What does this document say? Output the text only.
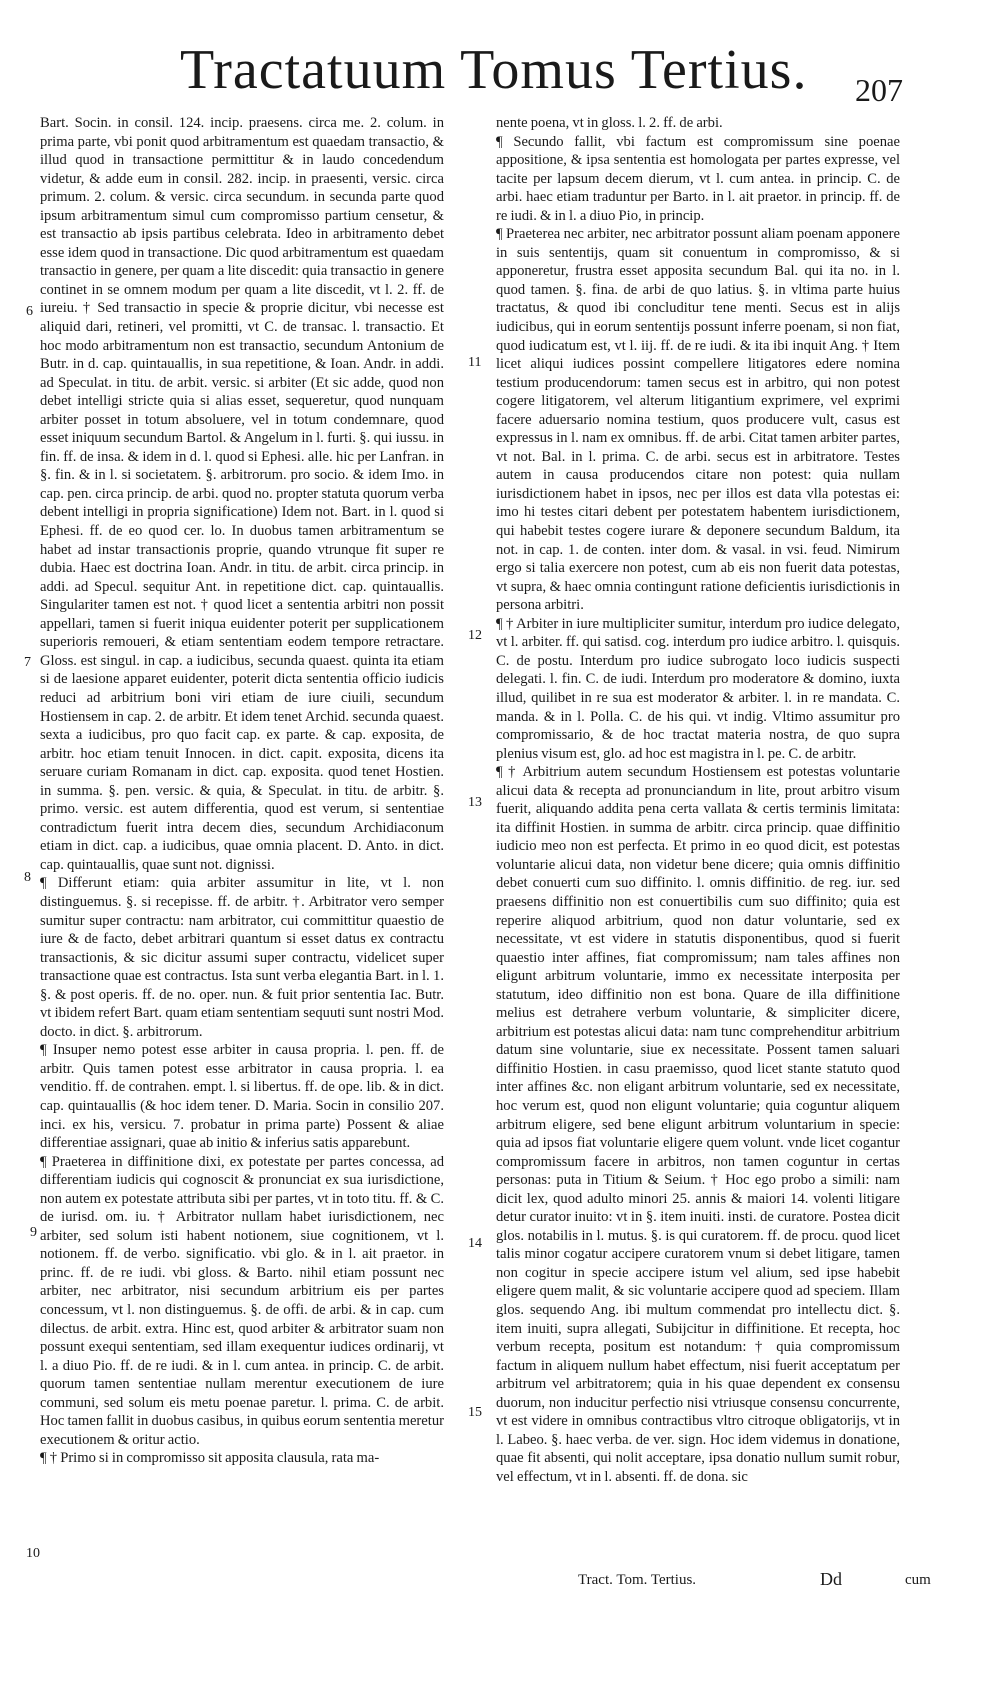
Tractatuum Tomus Tertius. 207
6
7
8
9
10
11
12
13
14
15

Bart. Socin. in consil. 124. incip. praesens. circa me. 2. colum. in prima parte, vbi ponit quod arbitramentum est quaedam transactio, & illud quod in transactione permittitur & in laudo concedendum videtur, & adde eum in consil. 282. incip. in praesenti, versic. circa primum. 2. colum. & versic. circa secundum. in secunda parte quod ipsum arbitramentum simul cum compromisso partium censetur, & est transactio ab ipsis partibus celebrata. Ideo in arbitramento debet esse idem quod in transactione. Dic quod arbitramentum est quaedam transactio in genere, per quam a lite discedit: quia transactio in genere continet in se omnem modum per quam a lite discedit, vt l. 2. ff. de iureiu. † Sed transactio in specie & proprie dicitur, vbi necesse est aliquid dari, retineri, vel promitti, vt C. de transac. l. transactio. Et hoc modo arbitramentum non est transactio, secundum Antonium de Butr. in d. cap. quintauallis, in sua repetitione, & Ioan. Andr. in addi. ad Speculat. in titu. de arbit. versic. si arbiter (Et sic adde, quod non debet intelligi stricte quia si alias esset, sequeretur, quod nunquam arbiter posset in totum absoluere, vel in totum condemnare, quod esset iniquum secundum Bartol. & Angelum in l. furti. §. qui iussu. in fin. ff. de insa. & idem in d. l. quod si Ephesi. alle. hic per Lanfran. in §. fin. & in l. si societatem. §. arbitrorum. pro socio. & idem Imo. in cap. pen. circa princip. de arbi. quod no. propter statuta quorum verba debent intelligi in propria significatione) Idem not. Bart. in l. quod si Ephesi. ff. de eo quod cer. lo. In duobus tamen arbitramentum se habet ad instar transactionis proprie, quando vtrunque fit super re dubia. Haec est doctrina Ioan. Andr. in titu. de arbit. circa princip. in addi. ad Specul. sequitur Ant. in repetitione dict. cap. quintauallis. Singulariter tamen est not. † quod licet a sententia arbitri non possit appellari, tamen si fuerit iniqua euidenter poterit per supplicationem superioris remoueri, & etiam sententiam eodem tempore retractare. Gloss. est singul. in cap. a iudicibus, secunda quaest. quinta ita etiam si de laesione apparet euidenter, poterit dicta sententia officio iudicis reduci ad arbitrium boni viri etiam de iure ciuili, secundum Hostiensem in cap. 2. de arbitr. Et idem tenet Archid. secunda quaest. sexta a iudicibus, pro quo facit cap. ex parte. & cap. exposita, de arbitr. hoc etiam tenuit Innocen. in dict. capit. exposita, dicens ita seruare curiam Romanam in dict. cap. exposita. quod tenet Hostien. in summa. §. pen. versic. & quia, & Speculat. in titu. de arbitr. §. primo. versic. est autem differentia, quod est verum, si sententiae contradictum fuerit intra decem dies, secundum Archidiaconum etiam in dict. cap. a iudicibus, quae omnia placent. D. Anto. in dict. cap. quintauallis, quae sunt not. dignissi.

¶ Differunt etiam: quia arbiter assumitur in lite, vt l. non distinguemus. §. si recepisse. ff. de arbitr. †. Arbitrator vero semper sumitur super contractu: nam arbitrator, cui committitur quaestio de iure & de facto, debet arbitrari quantum si esset datus ex contractu transactionis, & sic dicitur assumi super contractu, videlicet super transactione quae est contractus. Ista sunt verba elegantia Bart. in l. 1. §. & post operis. ff. de no. oper. nun. & fuit prior sententia Iac. Butr. vt ibidem refert Bart. quam etiam sententiam sequuti sunt nostri Mod. docto. in dict. §. arbitrorum.

¶ Insuper nemo potest esse arbiter in causa propria. l. pen. ff. de arbitr. Quis tamen potest esse arbitrator in causa propria. l. ea venditio. ff. de contrahen. empt. l. si libertus. ff. de ope. lib. & in dict. cap. quintauallis (& hoc idem tener. D. Maria. Socin in consilio 207. inci. ex his, versicu. 7. probatur in prima parte) Possent & aliae differentiae assignari, quae ab initio & inferius satis apparebunt.

¶ Praeterea in diffinitione dixi, ex potestate per partes concessa, ad differentiam iudicis qui cognoscit & pronunciat ex sua iurisdictione, non autem ex potestate attributa sibi per partes, vt in toto titu. ff. & C. de iurisd. om. iu. † Arbitrator nullam habet iurisdictionem, nec arbiter, sed solum isti habent notionem, siue cognitionem, vt l. notionem. ff. de verbo. significatio. vbi glo. & in l. ait praetor. in princ. ff. de re iudi. vbi gloss. & Barto. nihil etiam possunt nec arbiter, nec arbitrator, nisi secundum arbitrium eis per partes concessum, vt l. non distinguemus. §. de offi. de arbi. & in cap. cum dilectus. de arbit. extra. Hinc est, quod arbiter & arbitrator suam non possunt exequi sententiam, sed illam exequentur iudices ordinarij, vt l. a diuo Pio. ff. de re iudi. & in l. cum antea. in princip. C. de arbit. quorum tamen sententiae nullam merentur executionem de iure communi, sed solum eis metu poenae paretur. l. prima. C. de arbit. Hoc tamen fallit in duobus casibus, in quibus eorum sententia meretur executionem & oritur actio.

¶ † Primo si in compromisso sit apposita clausula, rata ma-

nente poena, vt in gloss. l. 2. ff. de arbi.

¶ Secundo fallit, vbi factum est compromissum sine poenae appositione, & ipsa sententia est homologata per partes expresse, vel tacite per lapsum decem dierum, vt l. cum antea. in princip. C. de arbi. haec etiam traduntur per Barto. in l. ait praetor. in princip. ff. de re iudi. & in l. a diuo Pio, in princip.

¶ Praeterea nec arbiter, nec arbitrator possunt aliam poenam apponere in suis sententijs, quam sit conuentum in compromisso, & si apponeretur, frustra esset apposita secundum Bal. qui ita no. in l. quod tamen. §. fina. de arbi de quo latius. §. in vltima parte huius tractatus, & quod ibi concluditur tene menti. Secus est in alijs iudicibus, qui in eorum sententijs possunt inferre poenam, si non fiat, quod iudicatum est, vt l. iij. ff. de re iudi. & ita ibi inquit Ang. † Item licet aliqui iudices possint compellere litigatores edere nomina testium producendorum: tamen secus est in arbitro, qui non potest cogere litigatorem, vel alterum litigantium exprimere, vel exprimi facere aduersario nomina testium, quos producere vult, casus est expressus in l. nam ex omnibus. ff. de arbi. Citat tamen arbiter partes, vt not. Bal. in l. prima. C. de arbi. secus est in arbitratore. Testes autem in causa producendos citare non potest: quia nullam iurisdictionem habet in ipsos, nec per illos est data vlla potestas ei: imo hi testes citari debent per potestatem habentem iurisdictionem, qui habebit testes cogere iurare & deponere secundum Baldum, ita not. in cap. 1. de conten. inter dom. & vasal. in vsi. feud. Nimirum ergo si talia exercere non potest, cum ab eis non fuerit data potestas, vt supra, & haec omnia contingunt ratione deficientis iurisdictionis in persona arbitri.

¶ † Arbiter in iure multipliciter sumitur, interdum pro iudice delegato, vt l. arbiter. ff. qui satisd. cog. interdum pro iudice arbitro. l. quisquis. C. de postu. Interdum pro iudice subrogato loco iudicis suspecti delegati. l. fin. C. de iudi. Interdum pro moderatore & domino, iuxta illud, quilibet in re sua est moderator & arbiter. l. in re mandata. C. manda. & in l. Polla. C. de his qui. vt indig. Vltimo assumitur pro compromissario, & de hoc tractat materia nostra, de quo supra plenius visum est, glo. ad hoc est magistra in l. pe. C. de arbitr.

¶ † Arbitrium autem secundum Hostiensem est potestas voluntarie alicui data & recepta ad pronunciandum in lite, prout arbitro visum fuerit, aliquando addita pena certa vallata & certis terminis limitata: ita diffinit Hostien. in summa de arbitr. circa princip. quae diffinitio iudicio meo non est perfecta. Et primo in eo quod dicit, est potestas voluntarie alicui data, non videtur bene dicere; quia omnis diffinitio debet conuerti cum suo diffinito. l. omnis diffinitio. de reg. iur. sed praesens diffinitio non est conuertibilis cum suo diffinito; quia est reperire aliquod arbitrium, quod non datur voluntarie, sed ex necessitate, vt est videre in statutis disponentibus, quod si fuerit quaestio inter affines, fiat compromissum; nam tales affines non eligunt arbitrum voluntarie, immo ex necessitate interposita per statutum, ideo diffinitio non est bona. Quare de illa diffinitione melius est detrahere verbum voluntarie, & simpliciter dicere, arbitrium est potestas alicui data: nam tunc comprehenditur arbitrium datum sine voluntarie, siue ex necessitate. Possent tamen saluari diffinitio Hostien. in casu praemisso, quod licet stante statuto quod inter affines &c. non eligant arbitrum voluntarie, sed ex necessitate, hoc verum est, quod non eligunt voluntarie; quia coguntur aliquem arbitrum eligere, sed bene eligunt arbitrum voluntarium in specie: quia ad ipsos fiat voluntarie eligere quem volunt. vnde licet cogantur compromissum facere in arbitros, non tamen coguntur in certas personas: puta in Titium & Seium. † Hoc ego probo a simili: nam dicit lex, quod adulto minori 25. annis & maiori 14. volenti litigare detur curator inuito: vt in §. item inuiti. insti. de curatore. Postea dicit glos. notabilis in l. mutus. §. is qui curatorem. ff. de procu. quod licet talis minor cogatur accipere curatorem vnum si debet litigare, tamen non cogitur in specie accipere istum vel alium, sed ipse habebit eligere quem malit, & sic voluntarie accipere quod ad speciem. Illam glos. sequendo Ang. ibi multum commendat pro intellectu dict. §. item inuiti, supra allegati, Subijcitur in diffinitione. Et recepta, hoc verbum recepta, positum est notandum: † quia compromissum factum in aliquem nullum habet effectum, nisi fuerit acceptatum per arbitrum vel arbitratorem; quia in his quae dependent ex consensu duorum, non inducitur perfectio nisi vtriusque consensu concurrente, vt est videre in omnibus contractibus vltro citroque obligatorijs, vt in l. Labeo. §. haec verba. de ver. sign. Hoc idem videmus in donatione, quae fit absenti, qui nolit acceptare, ipsa donatio nullum sumit robur, vel effectum, vt in l. absenti. ff. de dona. sic

Tract. Tom. Tertius.	Dd	cum
